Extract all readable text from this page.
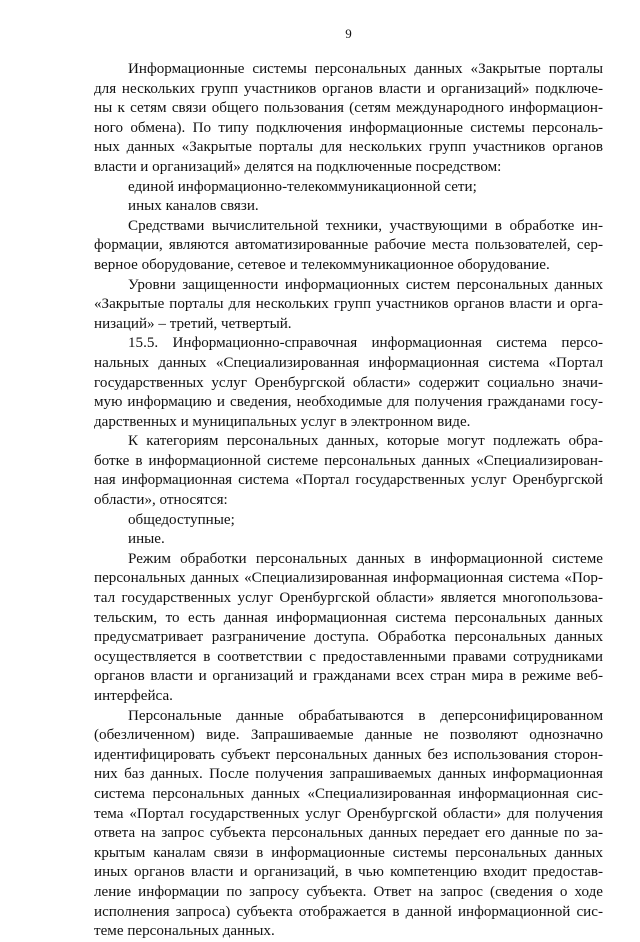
9
Информационные системы персональных данных «Закрытые порталы
для нескольких групп участников органов власти и организаций» подключе-
ны к сетям связи общего пользования (сетям международного информацион-
ного обмена). По типу подключения информационные системы персональ-
ных данных «Закрытые порталы для нескольких групп участников органов
власти и организаций» делятся на подключенные посредством:
единой информационно-телекоммуникационной сети;
иных каналов связи.
Средствами вычислительной техники, участвующими в обработке ин-
формации, являются автоматизированные рабочие места пользователей, сер-
верное оборудование, сетевое и телекоммуникационное оборудование.
Уровни защищенности информационных систем персональных данных
«Закрытые порталы для нескольких групп участников органов власти и орга-
низаций» – третий, четвертый.
15.5. Информационно-справочная информационная система персо-
нальных данных «Специализированная информационная система «Портал
государственных услуг Оренбургской области» содержит социально значи-
мую информацию и сведения, необходимые для получения гражданами госу-
дарственных и муниципальных услуг в электронном виде.
К категориям персональных данных, которые могут подлежать обра-
ботке в информационной системе персональных данных «Специализирован-
ная информационная система «Портал государственных услуг Оренбургской
области», относятся:
общедоступные;
иные.
Режим обработки персональных данных в информационной системе
персональных данных «Специализированная информационная система «Пор-
тал государственных услуг Оренбургской области» является многопользова-
тельским, то есть данная информационная система персональных данных
предусматривает разграничение доступа. Обработка персональных данных
осуществляется в соответствии с предоставленными правами сотрудниками
органов власти и организаций и гражданами всех стран мира в режиме веб-
интерфейса.
Персональные данные обрабатываются в деперсонифицированном
(обезличенном) виде. Запрашиваемые данные не позволяют однозначно
идентифицировать субъект персональных данных без использования сторон-
них баз данных. После получения запрашиваемых данных информационная
система персональных данных «Специализированная информационная сис-
тема «Портал государственных услуг Оренбургской области» для получения
ответа на запрос субъекта персональных данных передает его данные по за-
крытым каналам связи в информационные системы персональных данных
иных органов власти и организаций, в чью компетенцию входит предостав-
ление информации по запросу субъекта. Ответ на запрос (сведения о ходе
исполнения запроса) субъекта отображается в данной информационной сис-
теме персональных данных.
